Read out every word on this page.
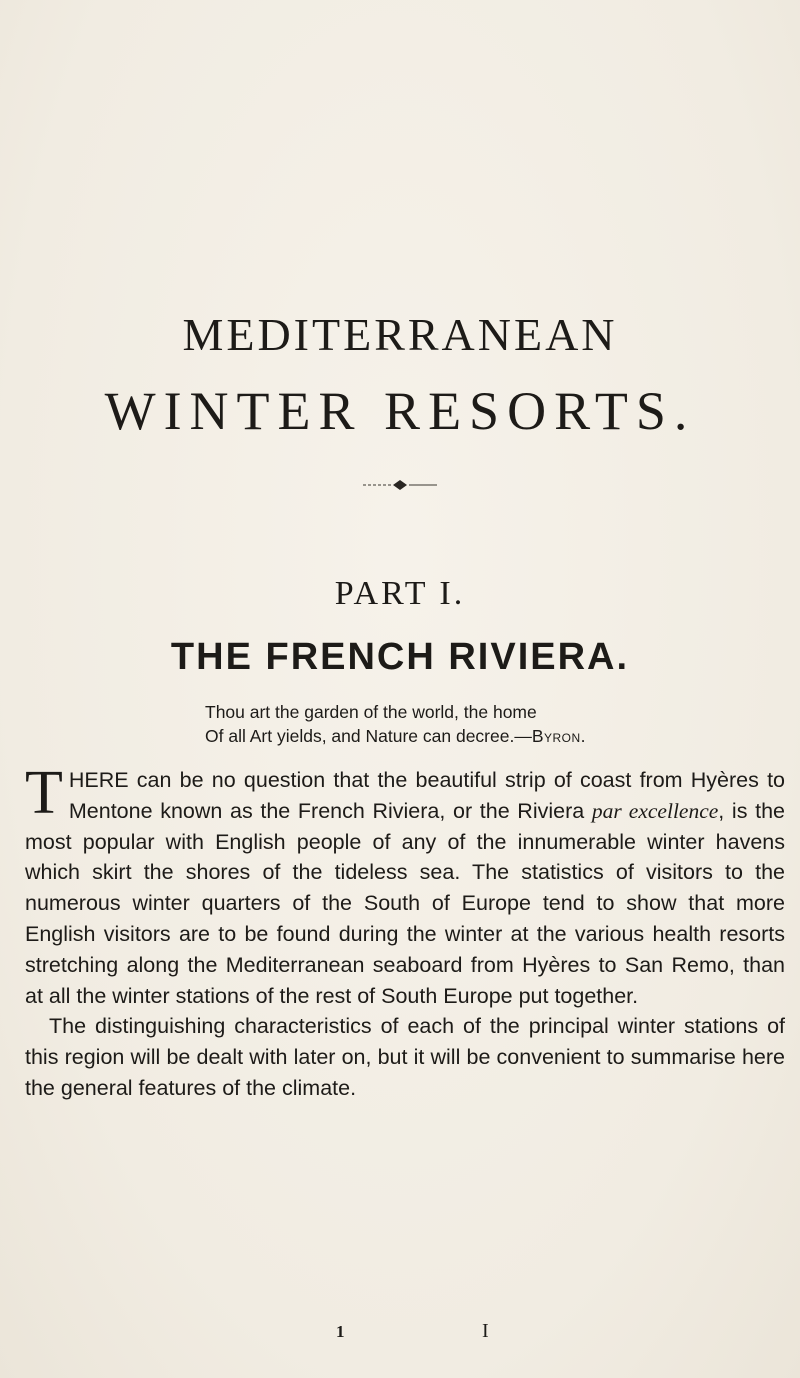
MEDITERRANEAN
WINTER RESORTS.
PART I.
THE FRENCH RIVIERA.
Thou art the garden of the world, the home
Of all Art yields, and Nature can decree.—Byron.
THERE can be no question that the beautiful strip of coast from Hyères to Mentone known as the French Riviera, or the Riviera par excellence, is the most popular with English people of any of the innumerable winter havens which skirt the shores of the tideless sea. The statistics of visitors to the numerous winter quarters of the South of Europe tend to show that more English visitors are to be found during the winter at the various health resorts stretching along the Mediterranean seaboard from Hyères to San Remo, than at all the winter stations of the rest of South Europe put together.
The distinguishing characteristics of each of the principal winter stations of this region will be dealt with later on, but it will be convenient to summarise here the general features of the climate.
1	I
